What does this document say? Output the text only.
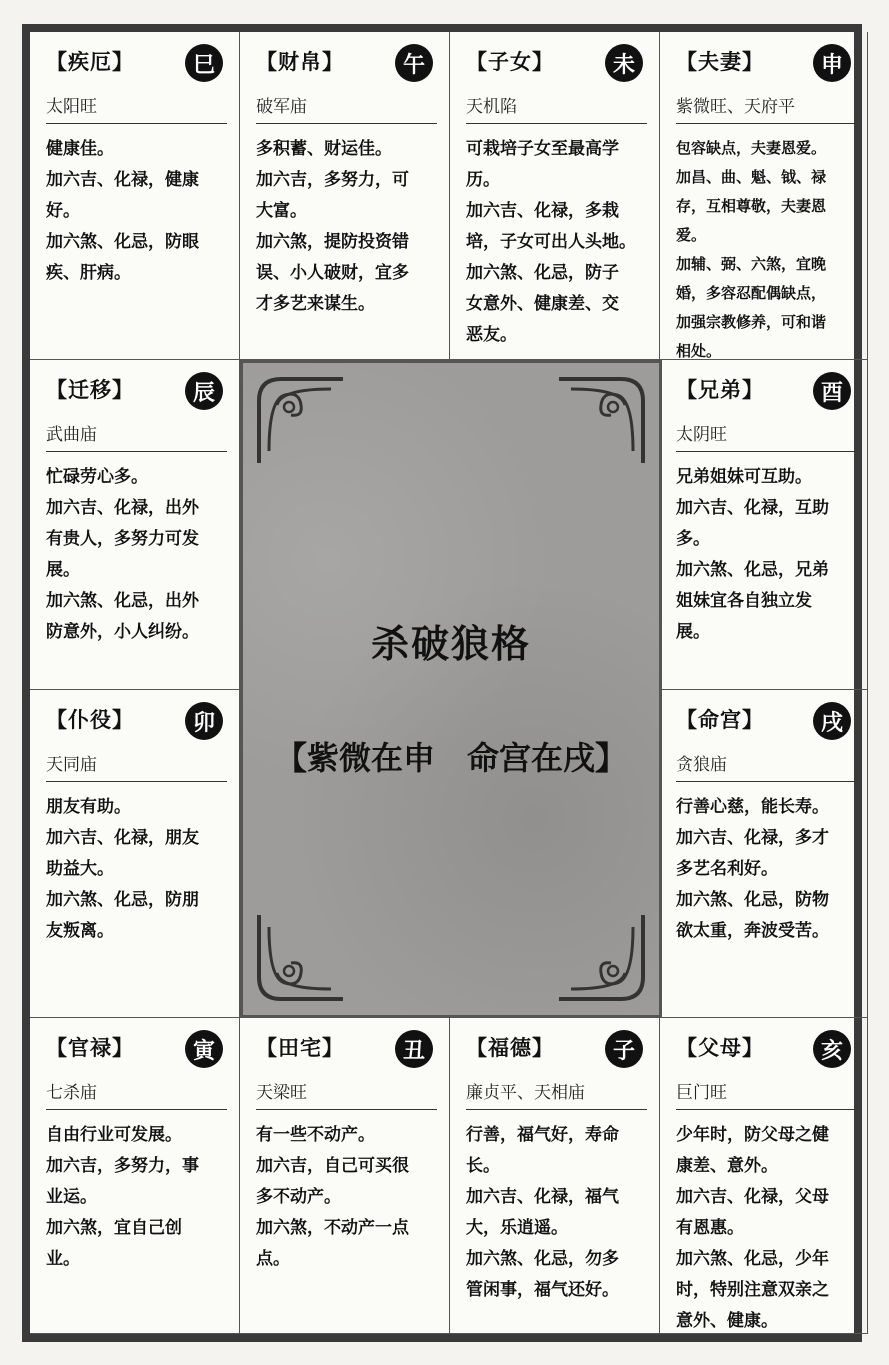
【疾厄】	巳
太阳旺

健康佳。

加六吉、化禄，健康

好。

加六煞、化忌，防眼

疾、肝病。

【财帛】	午
破军庙

多积蓄、财运佳。

加六吉，多努力，可

大富。

加六煞，提防投资错

误、小人破财，宜多

才多艺来谋生。

【子女】	未
天机陷

可栽培子女至最高学

历。

加六吉、化禄，多栽

培，子女可出人头地。

加六煞、化忌，防子

女意外、健康差、交

恶友。

【夫妻】	申
紫微旺、天府平

包容缺点，夫妻恩爱。

加昌、曲、魁、钺、禄

存，互相尊敬，夫妻恩

爱。

加辅、弼、六煞，宜晚

婚，多容忍配偶缺点，

加强宗教修养，可和谐

相处。

【迁移】	辰
武曲庙

忙碌劳心多。

加六吉、化禄，出外

有贵人，多努力可发

展。

加六煞、化忌，出外

防意外，小人纠纷。

【兄弟】	酉
太阴旺

兄弟姐妹可互助。

加六吉、化禄，互助

多。

加六煞、化忌，兄弟

姐妹宜各自独立发

展。

【仆役】	卯
天同庙

朋友有助。

加六吉、化禄，朋友

助益大。

加六煞、化忌，防朋

友叛离。

【命宫】	戌
贪狼庙

行善心慈，能长寿。

加六吉、化禄，多才

多艺名利好。

加六煞、化忌，防物

欲太重，奔波受苦。

【官禄】	寅
七杀庙

自由行业可发展。

加六吉，多努力，事

业运。

加六煞，宜自己创

业。

【田宅】	丑
天梁旺

有一些不动产。

加六吉，自己可买很

多不动产。

加六煞，不动产一点

点。

【福德】	子
廉贞平、天相庙

行善，福气好，寿命

长。

加六吉、化禄，福气

大，乐逍遥。

加六煞、化忌，勿多

管闲事，福气还好。

【父母】	亥
巨门旺

少年时，防父母之健

康差、意外。

加六吉、化禄，父母

有恩惠。

加六煞、化忌，少年

时，特别注意双亲之

意外、健康。

杀破狼格
【紫微在申　命宫在戌】
